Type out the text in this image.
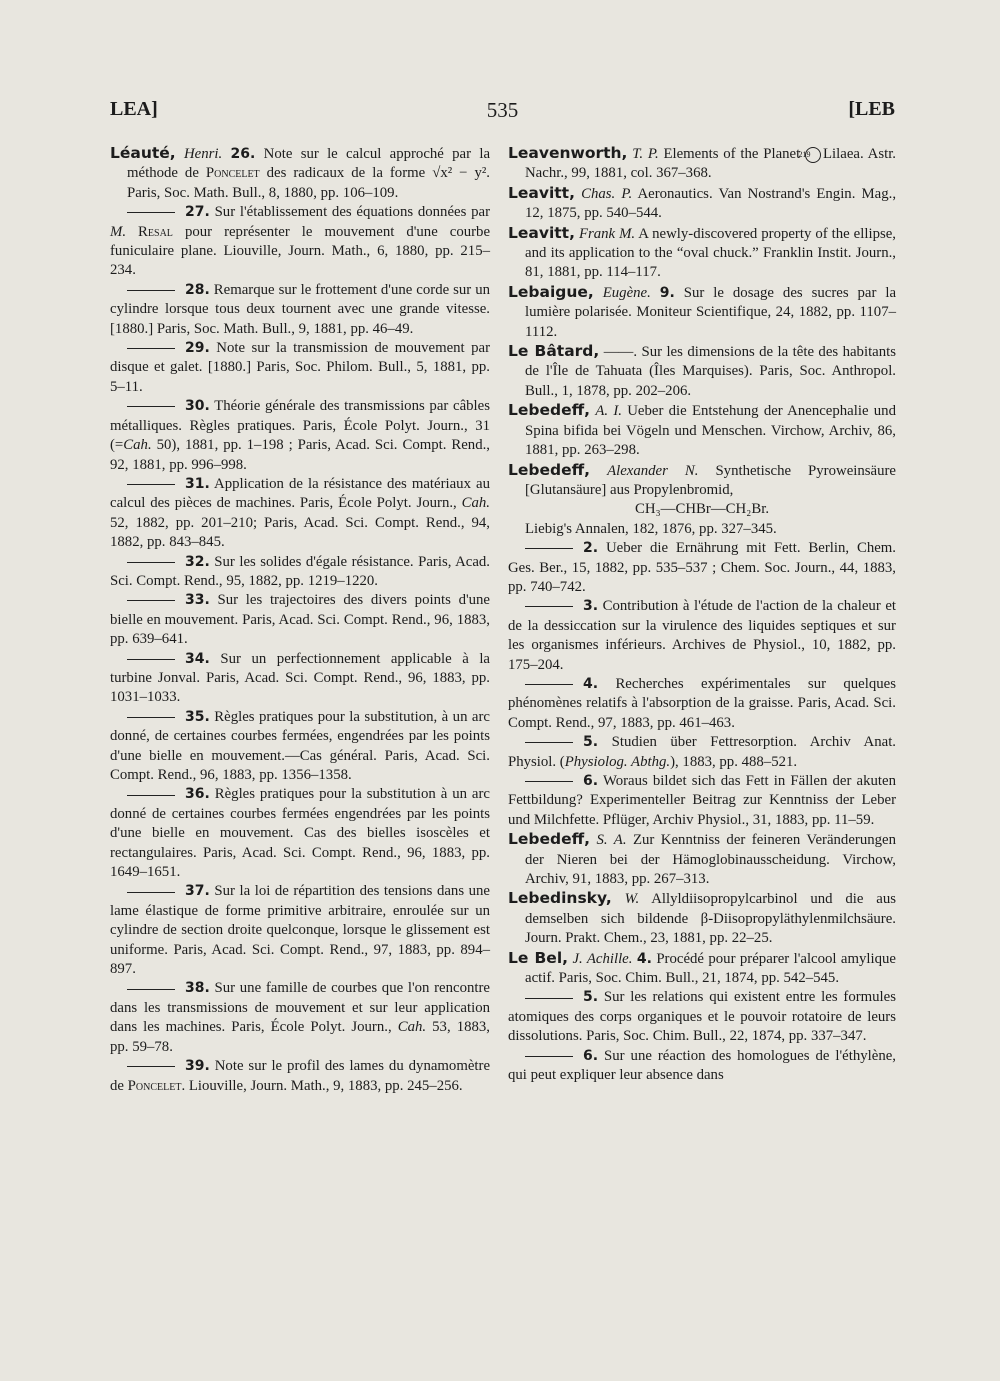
LEA]	535	[LEB

Léauté, Henri. 26. Note sur le calcul approché par la méthode de Poncelet des radicaux de la forme √x² − y². Paris, Soc. Math. Bull., 8, 1880, pp. 106–109.

27. Sur l'établissement des équations données par M. Resal pour représenter le mouvement d'une courbe funiculaire plane. Liouville, Journ. Math., 6, 1880, pp. 215–234.

28. Remarque sur le frottement d'une corde sur un cylindre lorsque tous deux tournent avec une grande vitesse. [1880.] Paris, Soc. Math. Bull., 9, 1881, pp. 46–49.

29. Note sur la transmission de mouvement par disque et galet. [1880.] Paris, Soc. Philom. Bull., 5, 1881, pp. 5–11.

30. Théorie générale des transmissions par câbles métalliques. Règles pratiques. Paris, École Polyt. Journ., 31 (=Cah. 50), 1881, pp. 1–198 ; Paris, Acad. Sci. Compt. Rend., 92, 1881, pp. 996–998.

31. Application de la résistance des matériaux au calcul des pièces de machines. Paris, École Polyt. Journ., Cah. 52, 1882, pp. 201–210; Paris, Acad. Sci. Compt. Rend., 94, 1882, pp. 843–845.

32. Sur les solides d'égale résistance. Paris, Acad. Sci. Compt. Rend., 95, 1882, pp. 1219–1220.

33. Sur les trajectoires des divers points d'une bielle en mouvement. Paris, Acad. Sci. Compt. Rend., 96, 1883, pp. 639–641.

34. Sur un perfectionnement applicable à la turbine Jonval. Paris, Acad. Sci. Compt. Rend., 96, 1883, pp. 1031–1033.

35. Règles pratiques pour la substitution, à un arc donné, de certaines courbes fermées, engendrées par les points d'une bielle en mouvement.—Cas général. Paris, Acad. Sci. Compt. Rend., 96, 1883, pp. 1356–1358.

36. Règles pratiques pour la substitution à un arc donné de certaines courbes fermées engendrées par les points d'une bielle en mouvement. Cas des bielles isoscèles et rectangulaires. Paris, Acad. Sci. Compt. Rend., 96, 1883, pp. 1649–1651.

37. Sur la loi de répartition des tensions dans une lame élastique de forme primitive arbitraire, enroulée sur un cylindre de section droite quelconque, lorsque le glissement est uniforme. Paris, Acad. Sci. Compt. Rend., 97, 1883, pp. 894–897.

38. Sur une famille de courbes que l'on rencontre dans les transmissions de mouvement et sur leur application dans les machines. Paris, École Polyt. Journ., Cah. 53, 1883, pp. 59–78.

39. Note sur le profil des lames du dynamomètre de Poncelet. Liouville, Journ. Math., 9, 1883, pp. 245–256.

Leavenworth, T. P. Elements of the Planet 219 Lilaea. Astr. Nachr., 99, 1881, col. 367–368.

Leavitt, Chas. P. Aeronautics. Van Nostrand's Engin. Mag., 12, 1875, pp. 540–544.

Leavitt, Frank M. A newly-discovered property of the ellipse, and its application to the “oval chuck.” Franklin Instit. Journ., 81, 1881, pp. 114–117.

Lebaigue, Eugène. 9. Sur le dosage des sucres par la lumière polarisée. Moniteur Scientifique, 24, 1882, pp. 1107–1112.

Le Bâtard, ——. Sur les dimensions de la tête des habitants de l'Île de Tahuata (Îles Marquises). Paris, Soc. Anthropol. Bull., 1, 1878, pp. 202–206.

Lebedeff, A. I. Ueber die Entstehung der Anencephalie und Spina bifida bei Vögeln und Menschen. Virchow, Archiv, 86, 1881, pp. 263–298.

Lebedeff, Alexander N. Synthetische Pyroweinsäure [Glutansäure] aus Propylenbromid,

CH₃—CHBr—CH₂Br.

Liebig's Annalen, 182, 1876, pp. 327–345.

2. Ueber die Ernährung mit Fett. Berlin, Chem. Ges. Ber., 15, 1882, pp. 535–537 ; Chem. Soc. Journ., 44, 1883, pp. 740–742.

3. Contribution à l'étude de l'action de la chaleur et de la dessiccation sur la virulence des liquides septiques et sur les organismes inférieurs. Archives de Physiol., 10, 1882, pp. 175–204.

4. Recherches expérimentales sur quelques phénomènes relatifs à l'absorption de la graisse. Paris, Acad. Sci. Compt. Rend., 97, 1883, pp. 461–463.

5. Studien über Fettresorption. Archiv Anat. Physiol. (Physiolog. Abthg.), 1883, pp. 488–521.

6. Woraus bildet sich das Fett in Fällen der akuten Fettbildung? Experimenteller Beitrag zur Kenntniss der Leber und Milchfette. Pflüger, Archiv Physiol., 31, 1883, pp. 11–59.

Lebedeff, S. A. Zur Kenntniss der feineren Veränderungen der Nieren bei der Hämoglobinausscheidung. Virchow, Archiv, 91, 1883, pp. 267–313.

Lebedinsky, W. Allyldiisopropylcarbinol und die aus demselben sich bildende β-Diisopropyläthylenmilchsäure. Journ. Prakt. Chem., 23, 1881, pp. 22–25.

Le Bel, J. Achille. 4. Procédé pour préparer l'alcool amylique actif. Paris, Soc. Chim. Bull., 21, 1874, pp. 542–545.

5. Sur les relations qui existent entre les formules atomiques des corps organiques et le pouvoir rotatoire de leurs dissolutions. Paris, Soc. Chim. Bull., 22, 1874, pp. 337–347.

6. Sur une réaction des homologues de l'éthylène, qui peut expliquer leur absence dans
